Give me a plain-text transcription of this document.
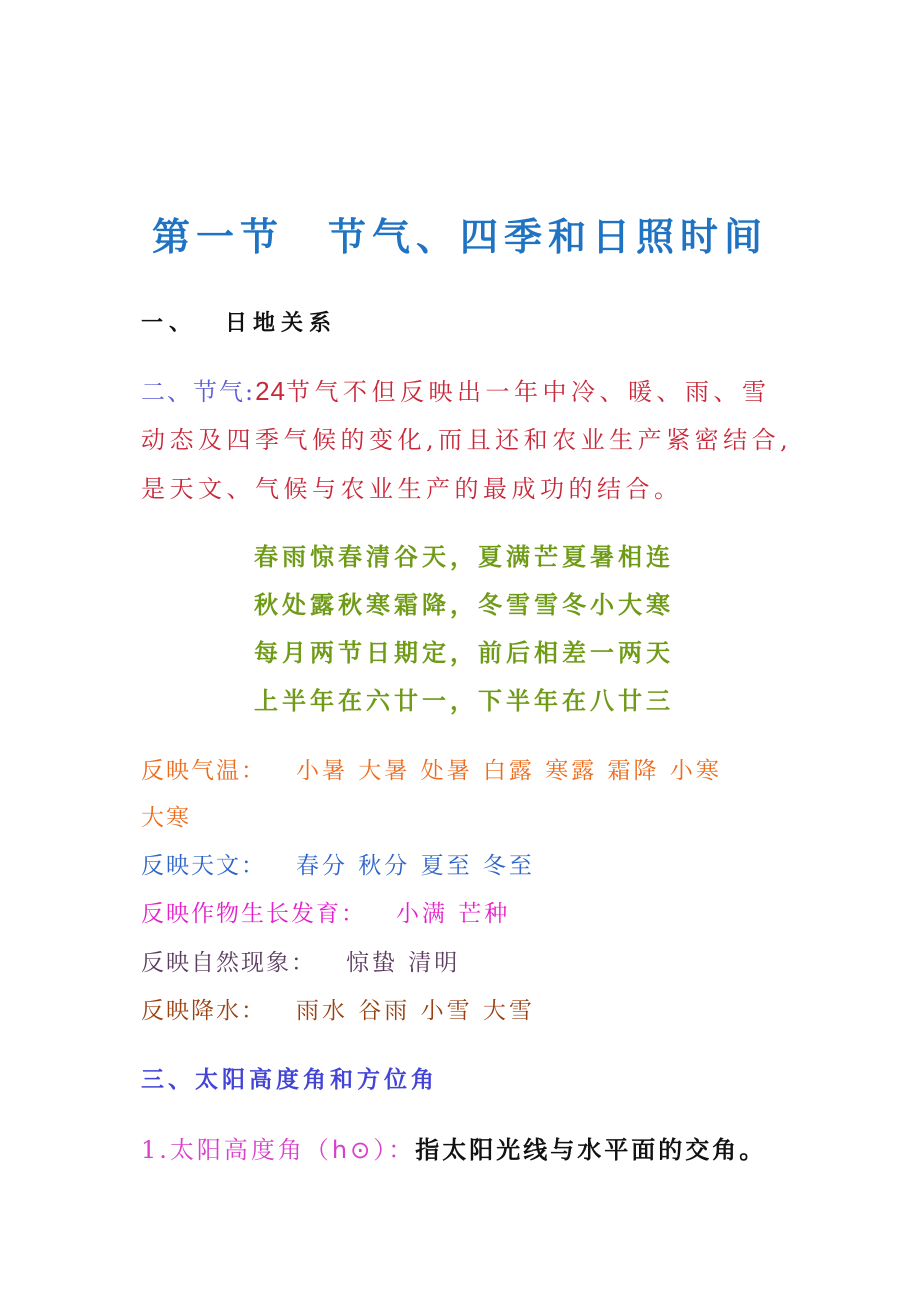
第一节 节气、四季和日照时间
一、 日地关系
二、节气:24节气不但反映出一年中冷、暖、雨、雪
动态及四季气候的变化,而且还和农业生产紧密结合,
是天文、气候与农业生产的最成功的结合。
春雨惊春清谷天，夏满芒夏暑相连
秋处露秋寒霜降，冬雪雪冬小大寒
每月两节日期定，前后相差一两天
上半年在六廿一，下半年在八廿三
反映气温： 小暑 大暑 处暑 白露 寒露 霜降 小寒
大寒
反映天文： 春分 秋分 夏至 冬至
反映作物生长发育： 小满 芒种
反映自然现象： 惊蛰 清明
反映降水： 雨水 谷雨 小雪 大雪
三、太阳高度角和方位角
1.太阳高度角（h⊙）：指太阳光线与水平面的交角。
